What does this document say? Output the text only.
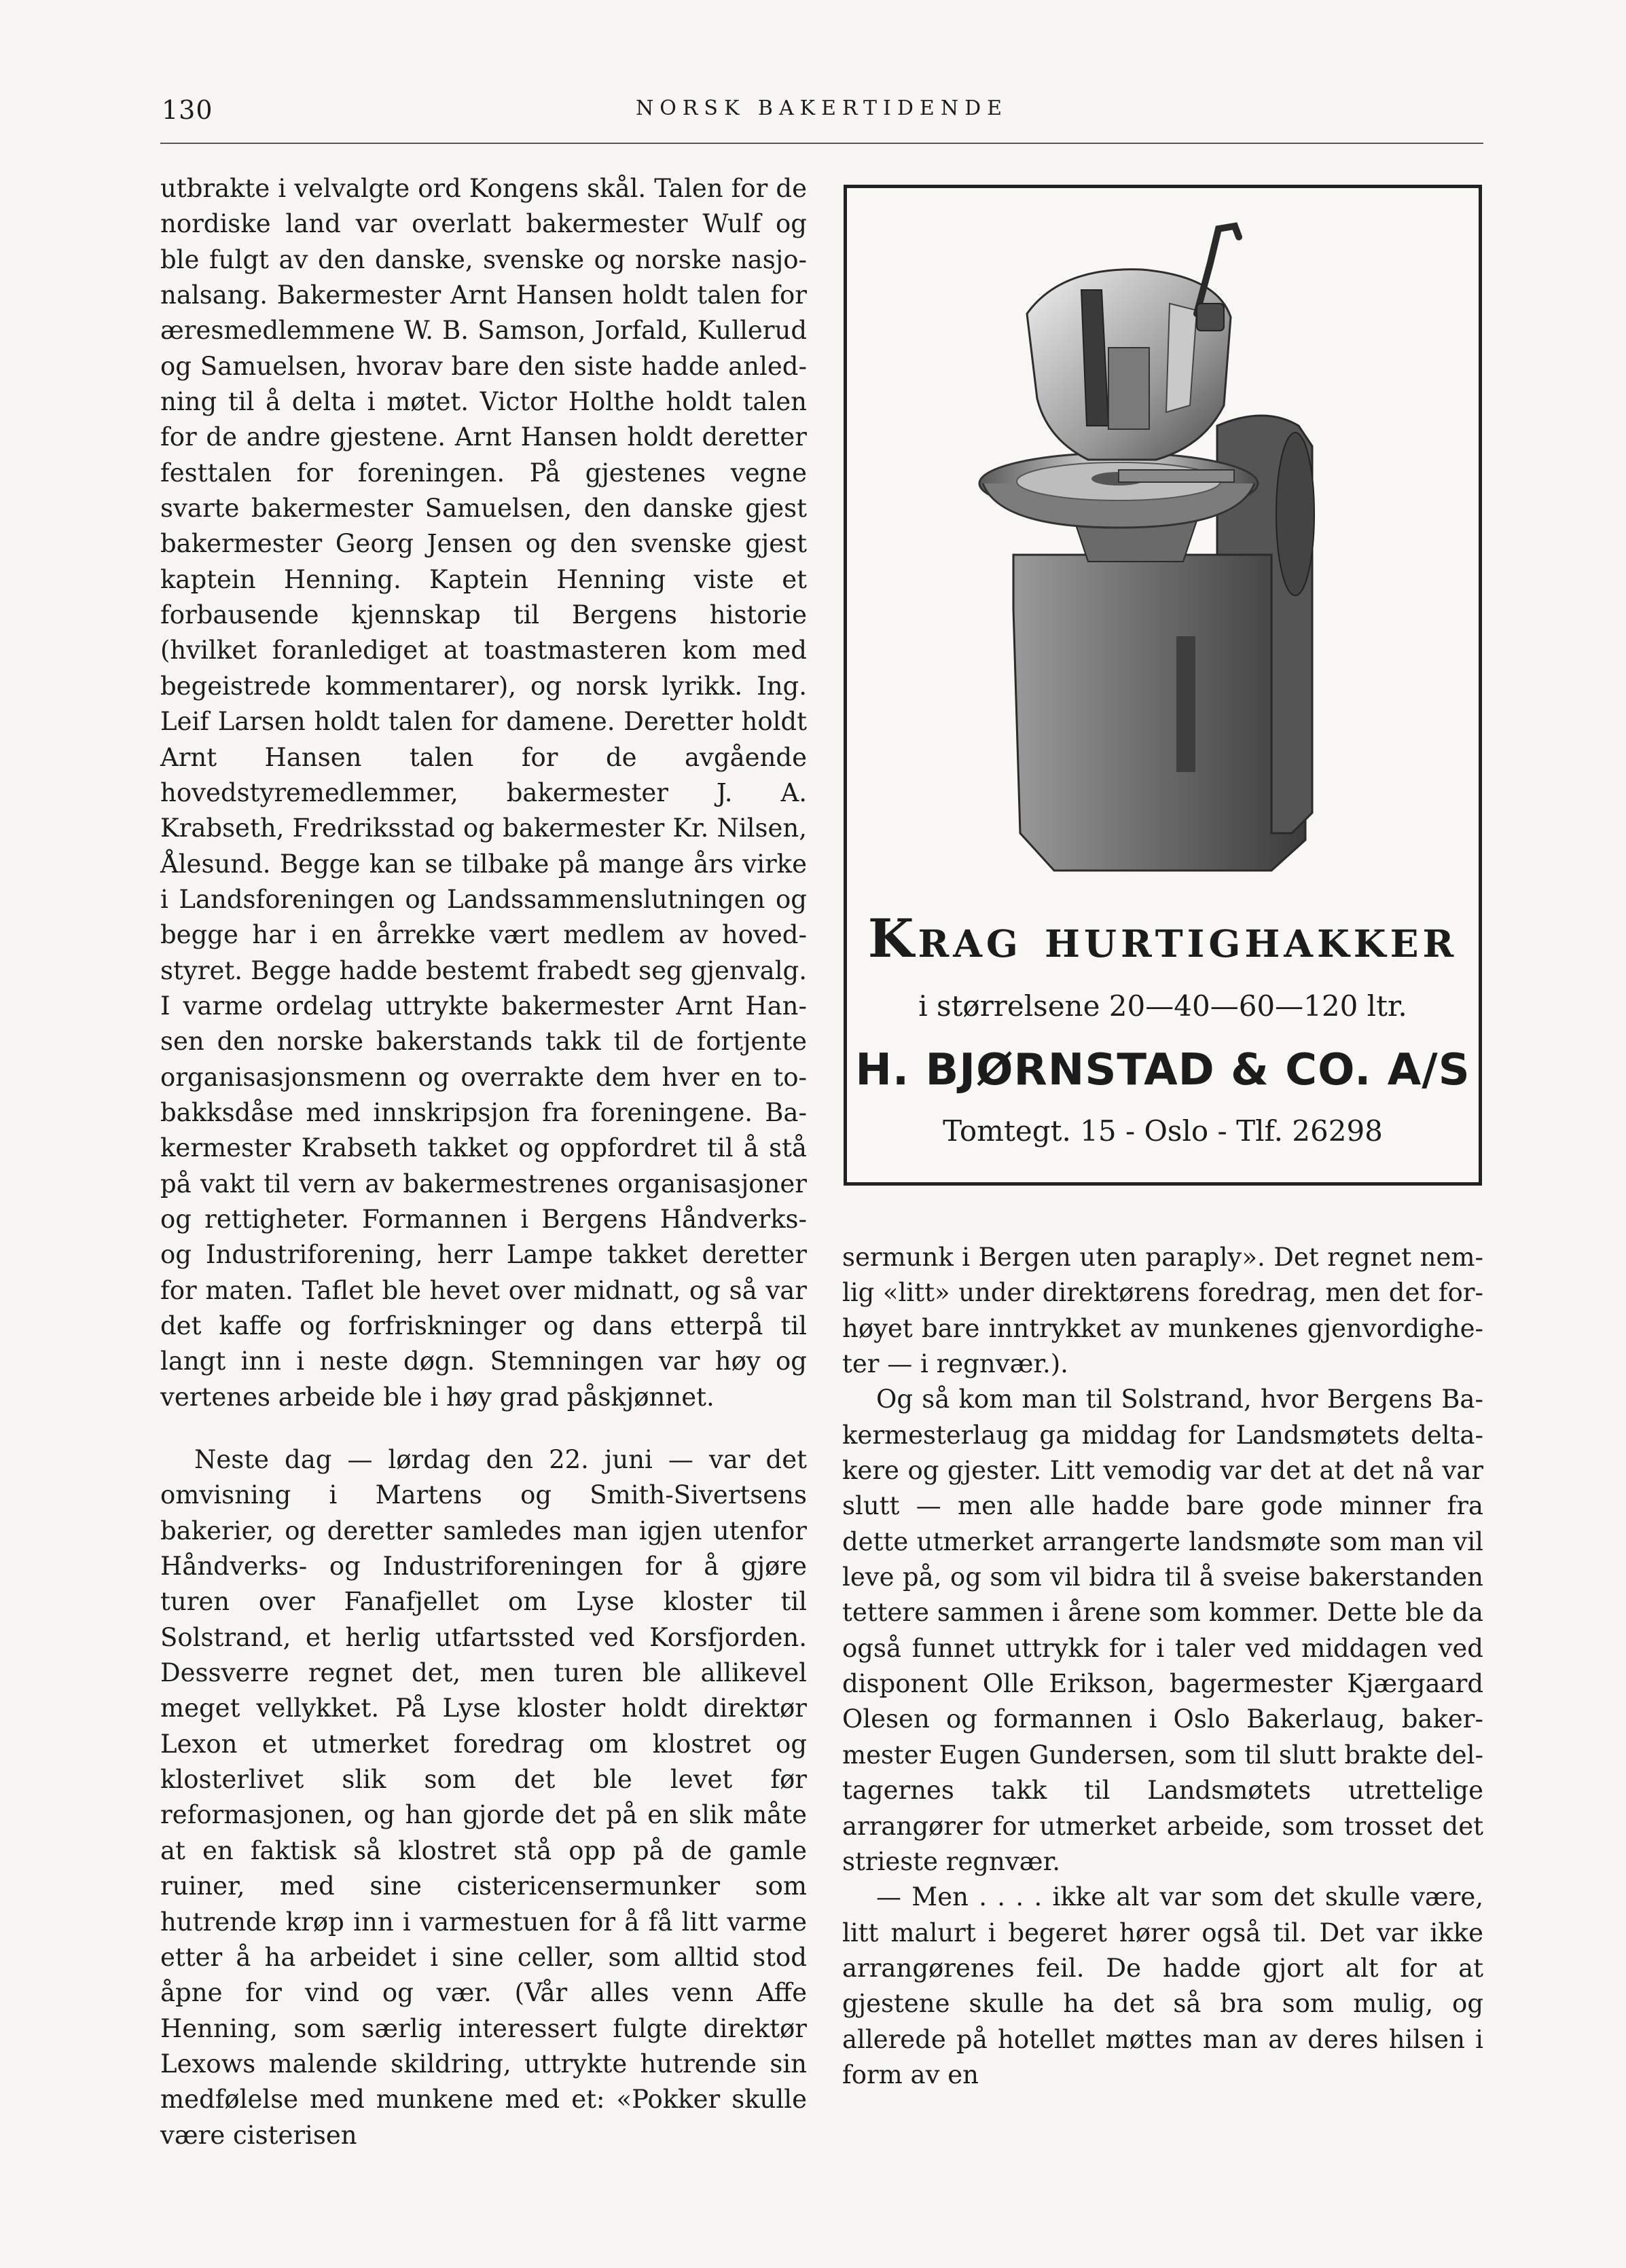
130	NORSK BAKERTIDENDE

utbrakte i velvalgte ord Kongens skål. Talen for de nordiske land var overlatt bakermester Wulf og ble fulgt av den danske, svenske og norske nasjonalsang. Bakermester Arnt Hansen holdt talen for æresmedlemmene W. B. Samson, Jorfald, Kullerud og Samuelsen, hvorav bare den siste hadde anledning til å delta i møtet. Victor Holthe holdt talen for de andre gjestene. Arnt Hansen holdt deretter festtalen for foreningen. På gjestenes vegne svarte bakermester Samuelsen, den danske gjest bakermester Georg Jensen og den svenske gjest kaptein Henning. Kaptein Henning viste et forbausende kjennskap til Bergens historie (hvilket foranlediget at toastmasteren kom med begeistrede kommentarer), og norsk lyrikk. Ing. Leif Larsen holdt talen for damene. Deretter holdt Arnt Hansen talen for de avgående hovedstyremedlemmer, bakermester J. A. Krabseth, Fredriksstad og bakermester Kr. Nilsen, Ålesund. Begge kan se tilbake på mange års virke i Landsforeningen og Landssammenslutningen og begge har i en årrekke vært medlem av hovedstyret. Begge hadde bestemt frabedt seg gjenvalg. I varme ordelag uttrykte bakermester Arnt Hansen den norske bakerstands takk til de fortjente organisasjonsmenn og overrakte dem hver en tobakksdåse med innskripsjon fra foreningene. Bakermester Krabseth takket og oppfordret til å stå på vakt til vern av bakermestrenes organisasjoner og rettigheter. Formannen i Bergens Håndverks- og Industriforening, herr Lampe takket deretter for maten. Taflet ble hevet over midnatt, og så var det kaffe og forfriskninger og dans etterpå til langt inn i neste døgn. Stemningen var høy og vertenes arbeide ble i høy grad påskjønnet.

Neste dag — lørdag den 22. juni — var det omvisning i Martens og Smith-Sivertsens bakerier, og deretter samledes man igjen utenfor Håndverks- og Industriforeningen for å gjøre turen over Fanafjellet om Lyse kloster til Solstrand, et herlig utfartssted ved Korsfjorden. Dessverre regnet det, men turen ble allikevel meget vellykket. På Lyse kloster holdt direktør Lexon et utmerket foredrag om klostret og klosterlivet slik som det ble levet før reformasjonen, og han gjorde det på en slik måte at en faktisk så klostret stå opp på de gamle ruiner, med sine cistericensermunker som hutrende krøp inn i varmestuen for å få litt varme etter å ha arbeidet i sine celler, som alltid stod åpne for vind og vær. (Vår alles venn Affe Henning, som særlig interessert fulgte direktør Lexows malende skildring, uttrykte hutrende sin medfølelse med munkene med et: «Pokker skulle være cisterisen

Krag hurtighakker
i størrelsene 20—40—60—120 ltr.
H. BJØRNSTAD & CO. A/S
Tomtegt. 15 - Oslo - Tlf. 26298

sermunk i Bergen uten paraply». Det regnet nemlig «litt» under direktørens foredrag, men det forhøyet bare inntrykket av munkenes gjenvordigheter — i regnvær.).

Og så kom man til Solstrand, hvor Bergens Bakermesterlaug ga middag for Landsmøtets deltakere og gjester. Litt vemodig var det at det nå var slutt — men alle hadde bare gode minner fra dette utmerket arrangerte landsmøte som man vil leve på, og som vil bidra til å sveise bakerstanden tettere sammen i årene som kommer. Dette ble da også funnet uttrykk for i taler ved middagen ved disponent Olle Erikson, bagermester Kjærgaard Olesen og formannen i Oslo Bakerlaug, bakermester Eugen Gundersen, som til slutt brakte deltagernes takk til Landsmøtets utrettelige arrangører for utmerket arbeide, som trosset det strieste regnvær.

— Men . . . . ikke alt var som det skulle være, litt malurt i begeret hører også til. Det var ikke arrangørenes feil. De hadde gjort alt for at gjestene skulle ha det så bra som mulig, og allerede på hotellet møttes man av deres hilsen i form av en
